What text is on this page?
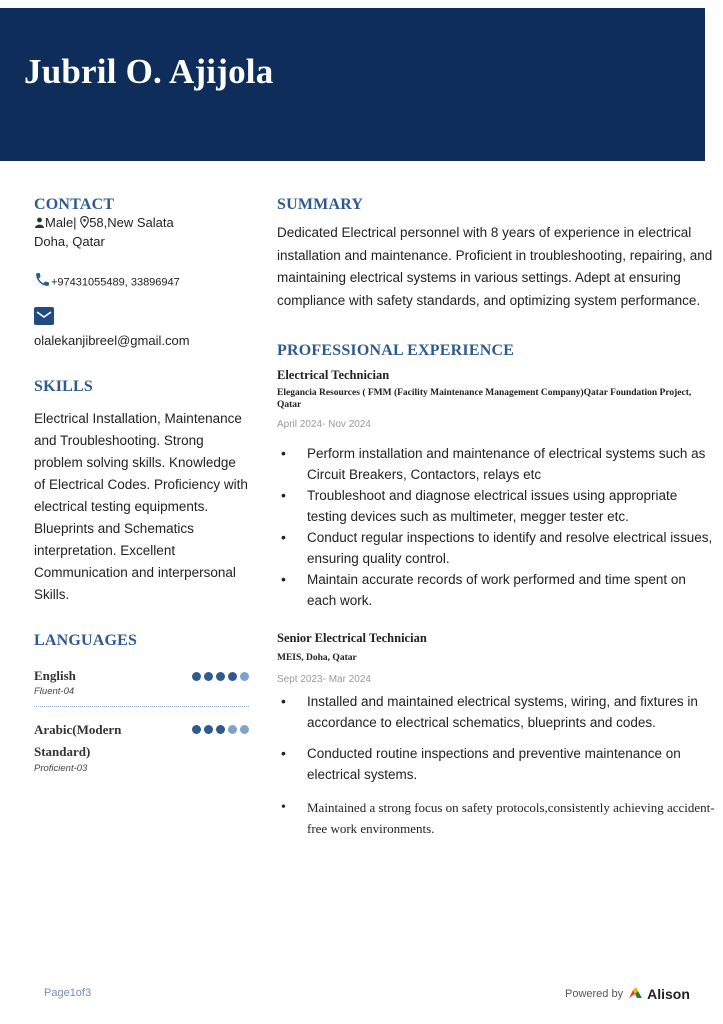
Jubril O. Ajijola
CONTACT
Male| 58,New Salata
Doha, Qatar
+97431055489, 33896947
olalekanjibreel@gmail.com
SKILLS
Electrical Installation, Maintenance and Troubleshooting. Strong problem solving skills. Knowledge of Electrical Codes. Proficiency with electrical testing equipments. Blueprints and Schematics interpretation. Excellent Communication and interpersonal Skills.
LANGUAGES
English
Fluent-04
Arabic(Modern Standard)
Proficient-03
SUMMARY
Dedicated Electrical personnel with 8 years of experience in electrical installation and maintenance. Proficient in troubleshooting, repairing, and maintaining electrical systems in various settings. Adept at ensuring compliance with safety standards, and optimizing system performance.
PROFESSIONAL EXPERIENCE
Electrical Technician
Elegancia Resources ( FMM (Facility Maintenance Management Company)Qatar Foundation Project, Qatar
April 2024- Nov 2024
• Perform installation and maintenance of electrical systems such as Circuit Breakers, Contactors, relays etc
• Troubleshoot and diagnose electrical issues using appropriate testing devices such as multimeter, megger tester etc.
• Conduct regular inspections to identify and resolve electrical issues, ensuring quality control.
• Maintain accurate records of work performed and time spent on each work.
Senior Electrical Technician
MEIS, Doha, Qatar
Sept 2023- Mar 2024
• Installed and maintained electrical systems, wiring, and fixtures in accordance to electrical schematics, blueprints and codes.
• Conducted routine inspections and preventive maintenance on electrical systems.
• Maintained a strong focus on safety protocols,consistently achieving accident-free work environments.
Page1of3	Powered by Alison
